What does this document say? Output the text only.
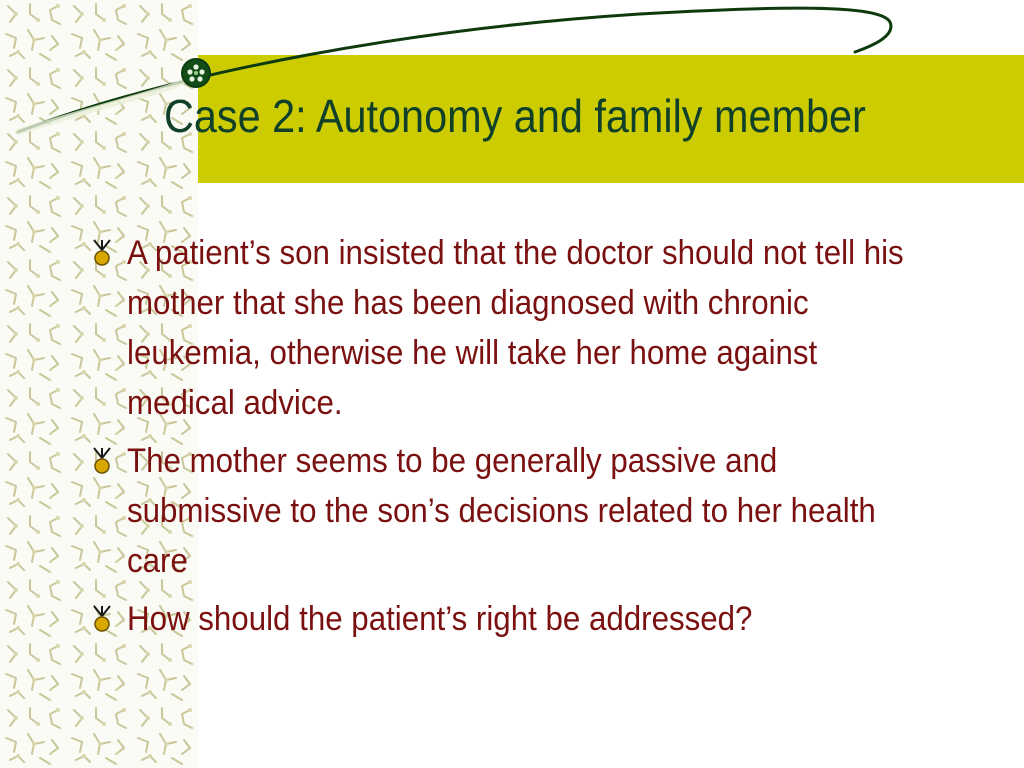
Case 2: Autonomy and family member
A patient’s son insisted that the doctor should not tell his mother that she has been diagnosed with chronic leukemia, otherwise he will take her home against medical advice.
The mother seems to be generally passive and submissive to the son’s decisions related to her health care
How should the patient’s right be addressed?
